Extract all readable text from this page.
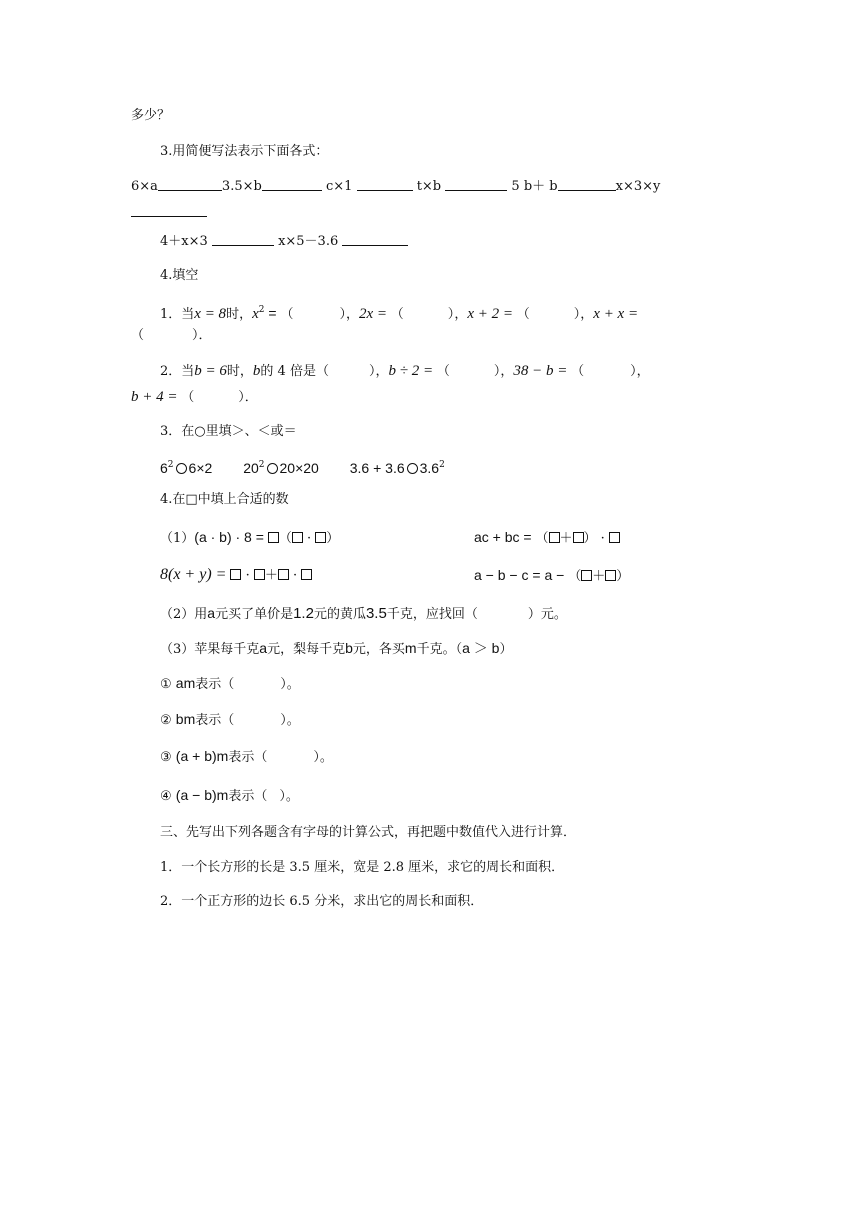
多少？
3.用简便写法表示下面各式：
6×a	3.5×b	c×1	t×b	5 b＋ b	x×3×y
4＋x×3	x×5－3.6
4.填空
1．当x = 8时，$x^2$ = （	），2x = （	），x + 2 = （	），x + x =
（	）．
2．当b = 6时，b的 4 倍是（	），b ÷ 2 = （	），38 − b = （	），
b + 4 = （	）．
3．在○里填＞、＜或＝
$6^2$ 6×2 $20^2$ 20×20 3.6 + 3.6 $3.6^2$
4.在□中填上合适的数
（1）(a · b) · 8 = （ · ）	ac + bc = （ ＋ ） ·
8(x + y) =  · ＋ ·	a − b − c = a − （ ＋ ）
（2）用a元买了单价是1.2元的黄瓜3.5千克，应找回（	）元。
（3）苹果每千克a元，梨每千克b元，各买m千克。（a ＞ b）
① am表示（	）。
② bm表示（	）。
③ (a + b)m表示（	）。
④ (a − b)m表示（ ）。
三、先写出下列各题含有字母的计算公式，再把题中数值代入进行计算．
1．一个长方形的长是 3.5 厘米，宽是 2.8 厘米，求它的周长和面积．
2．一个正方形的边长 6.5 分米，求出它的周长和面积．
